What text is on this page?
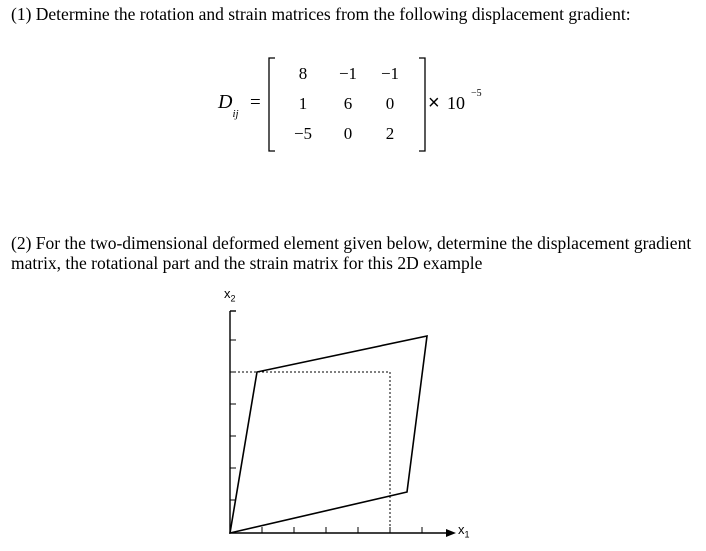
(1) Determine the rotation and strain matrices from the following displacement gradient:
$D_{ij}$
=
8	−1	−1
1	6	0
−5	0	2
× 10 −5
(2) For the two-dimensional deformed element given below, determine the displacement gradient
matrix, the rotational part and the strain matrix for this 2D example
$x_2$
$x_1$
